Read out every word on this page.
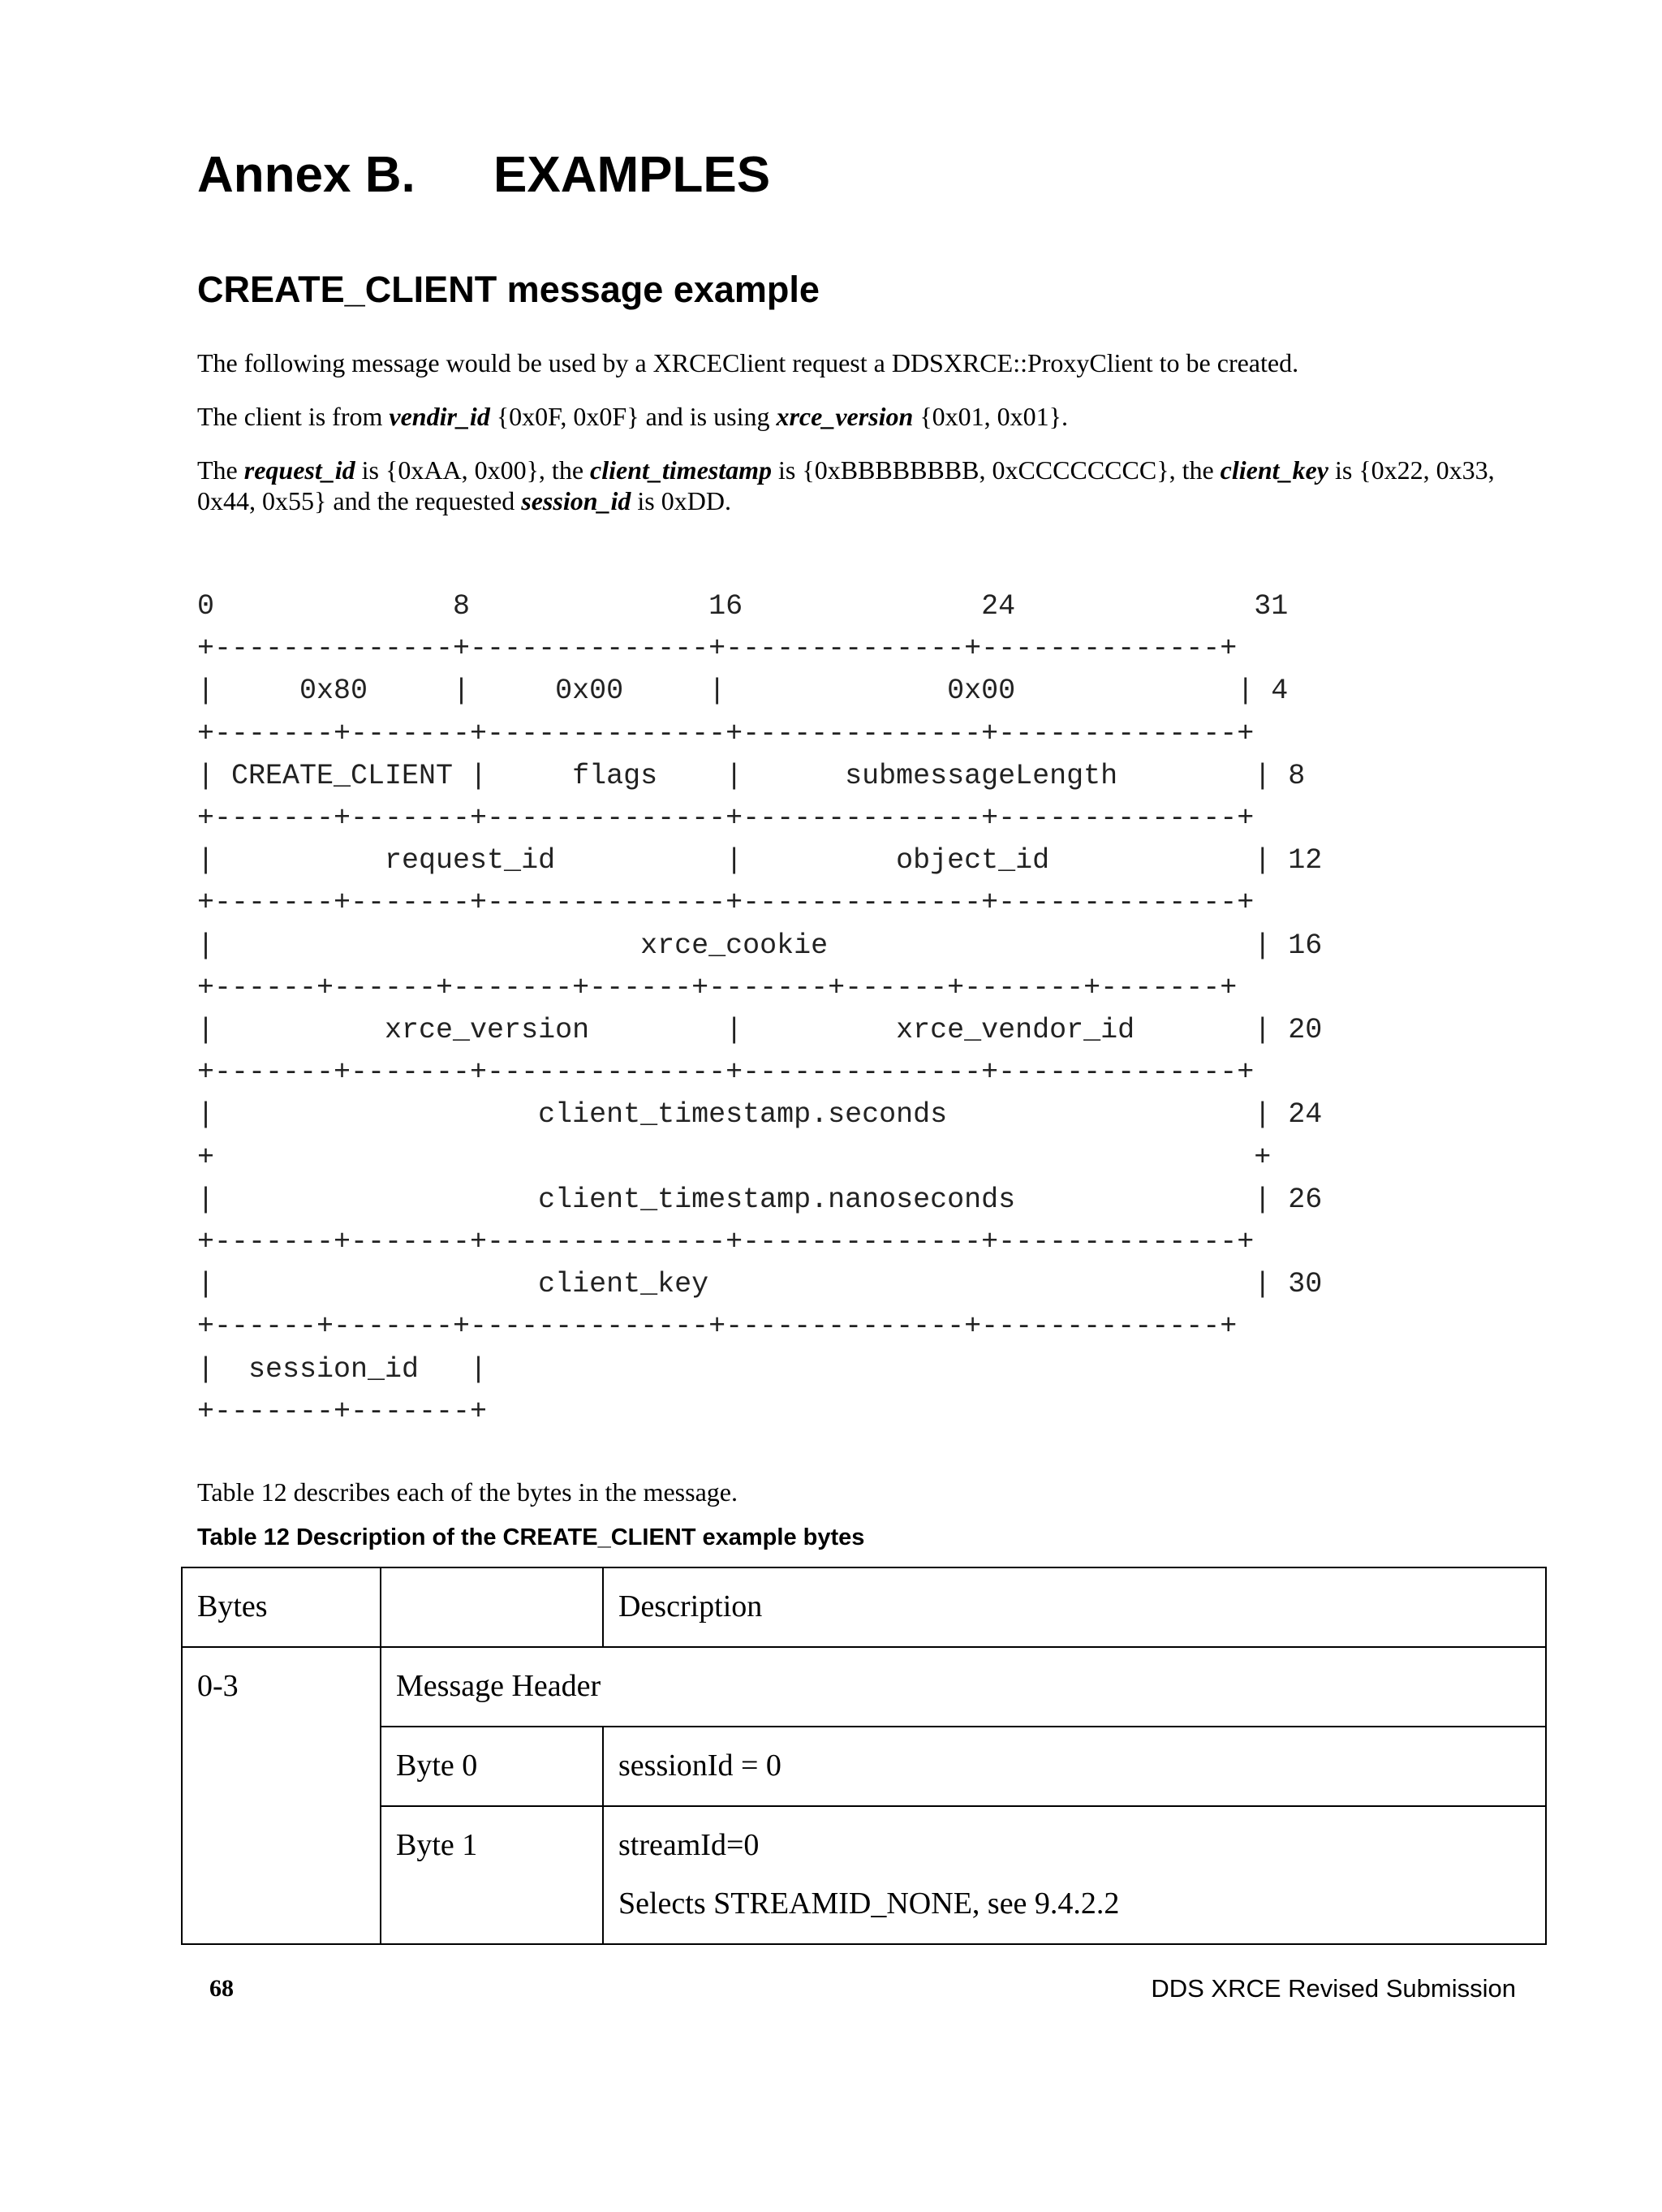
Annex B. EXAMPLES
CREATE_CLIENT message example

The following message would be used by a XRCEClient request a DDSXRCE::ProxyClient to be created.

The client is from vendir_id {0x0F, 0x0F} and is using xrce_version {0x01, 0x01}.

The request_id is {0xAA, 0x00}, the client_timestamp is {0xBBBBBBBB, 0xCCCCCCCC}, the client_key is {0x22, 0x33, 0x44, 0x55} and the requested session_id is 0xDD.

0              8              16              24              31
+--------------+--------------+--------------+--------------+
|     0x80     |     0x00     |             0x00             | 4
+-------+-------+--------------+--------------+--------------+
| CREATE_CLIENT |     flags    |      submessageLength        | 8
+-------+-------+--------------+--------------+--------------+
|          request_id          |         object_id            | 12
+-------+-------+--------------+--------------+--------------+
|                         xrce_cookie                         | 16
+------+------+-------+------+-------+------+-------+-------+
|          xrce_version        |         xrce_vendor_id       | 20
+-------+-------+--------------+--------------+--------------+
|                   client_timestamp.seconds                  | 24
+                                                             +
|                   client_timestamp.nanoseconds              | 26
+-------+-------+--------------+--------------+--------------+
|                   client_key                                | 30
+------+-------+--------------+--------------+--------------+
|  session_id   |
+-------+-------+

Table 12 describes each of the bytes in the message.

Table 12 Description of the CREATE_CLIENT example bytes

Bytes		Description
0-3	Message Header	
	Byte 0	sessionId = 0

	Byte 1	streamId=0
Selects STREAMID_NONE, see 9.4.2.2

68	DDS XRCE Revised Submission
